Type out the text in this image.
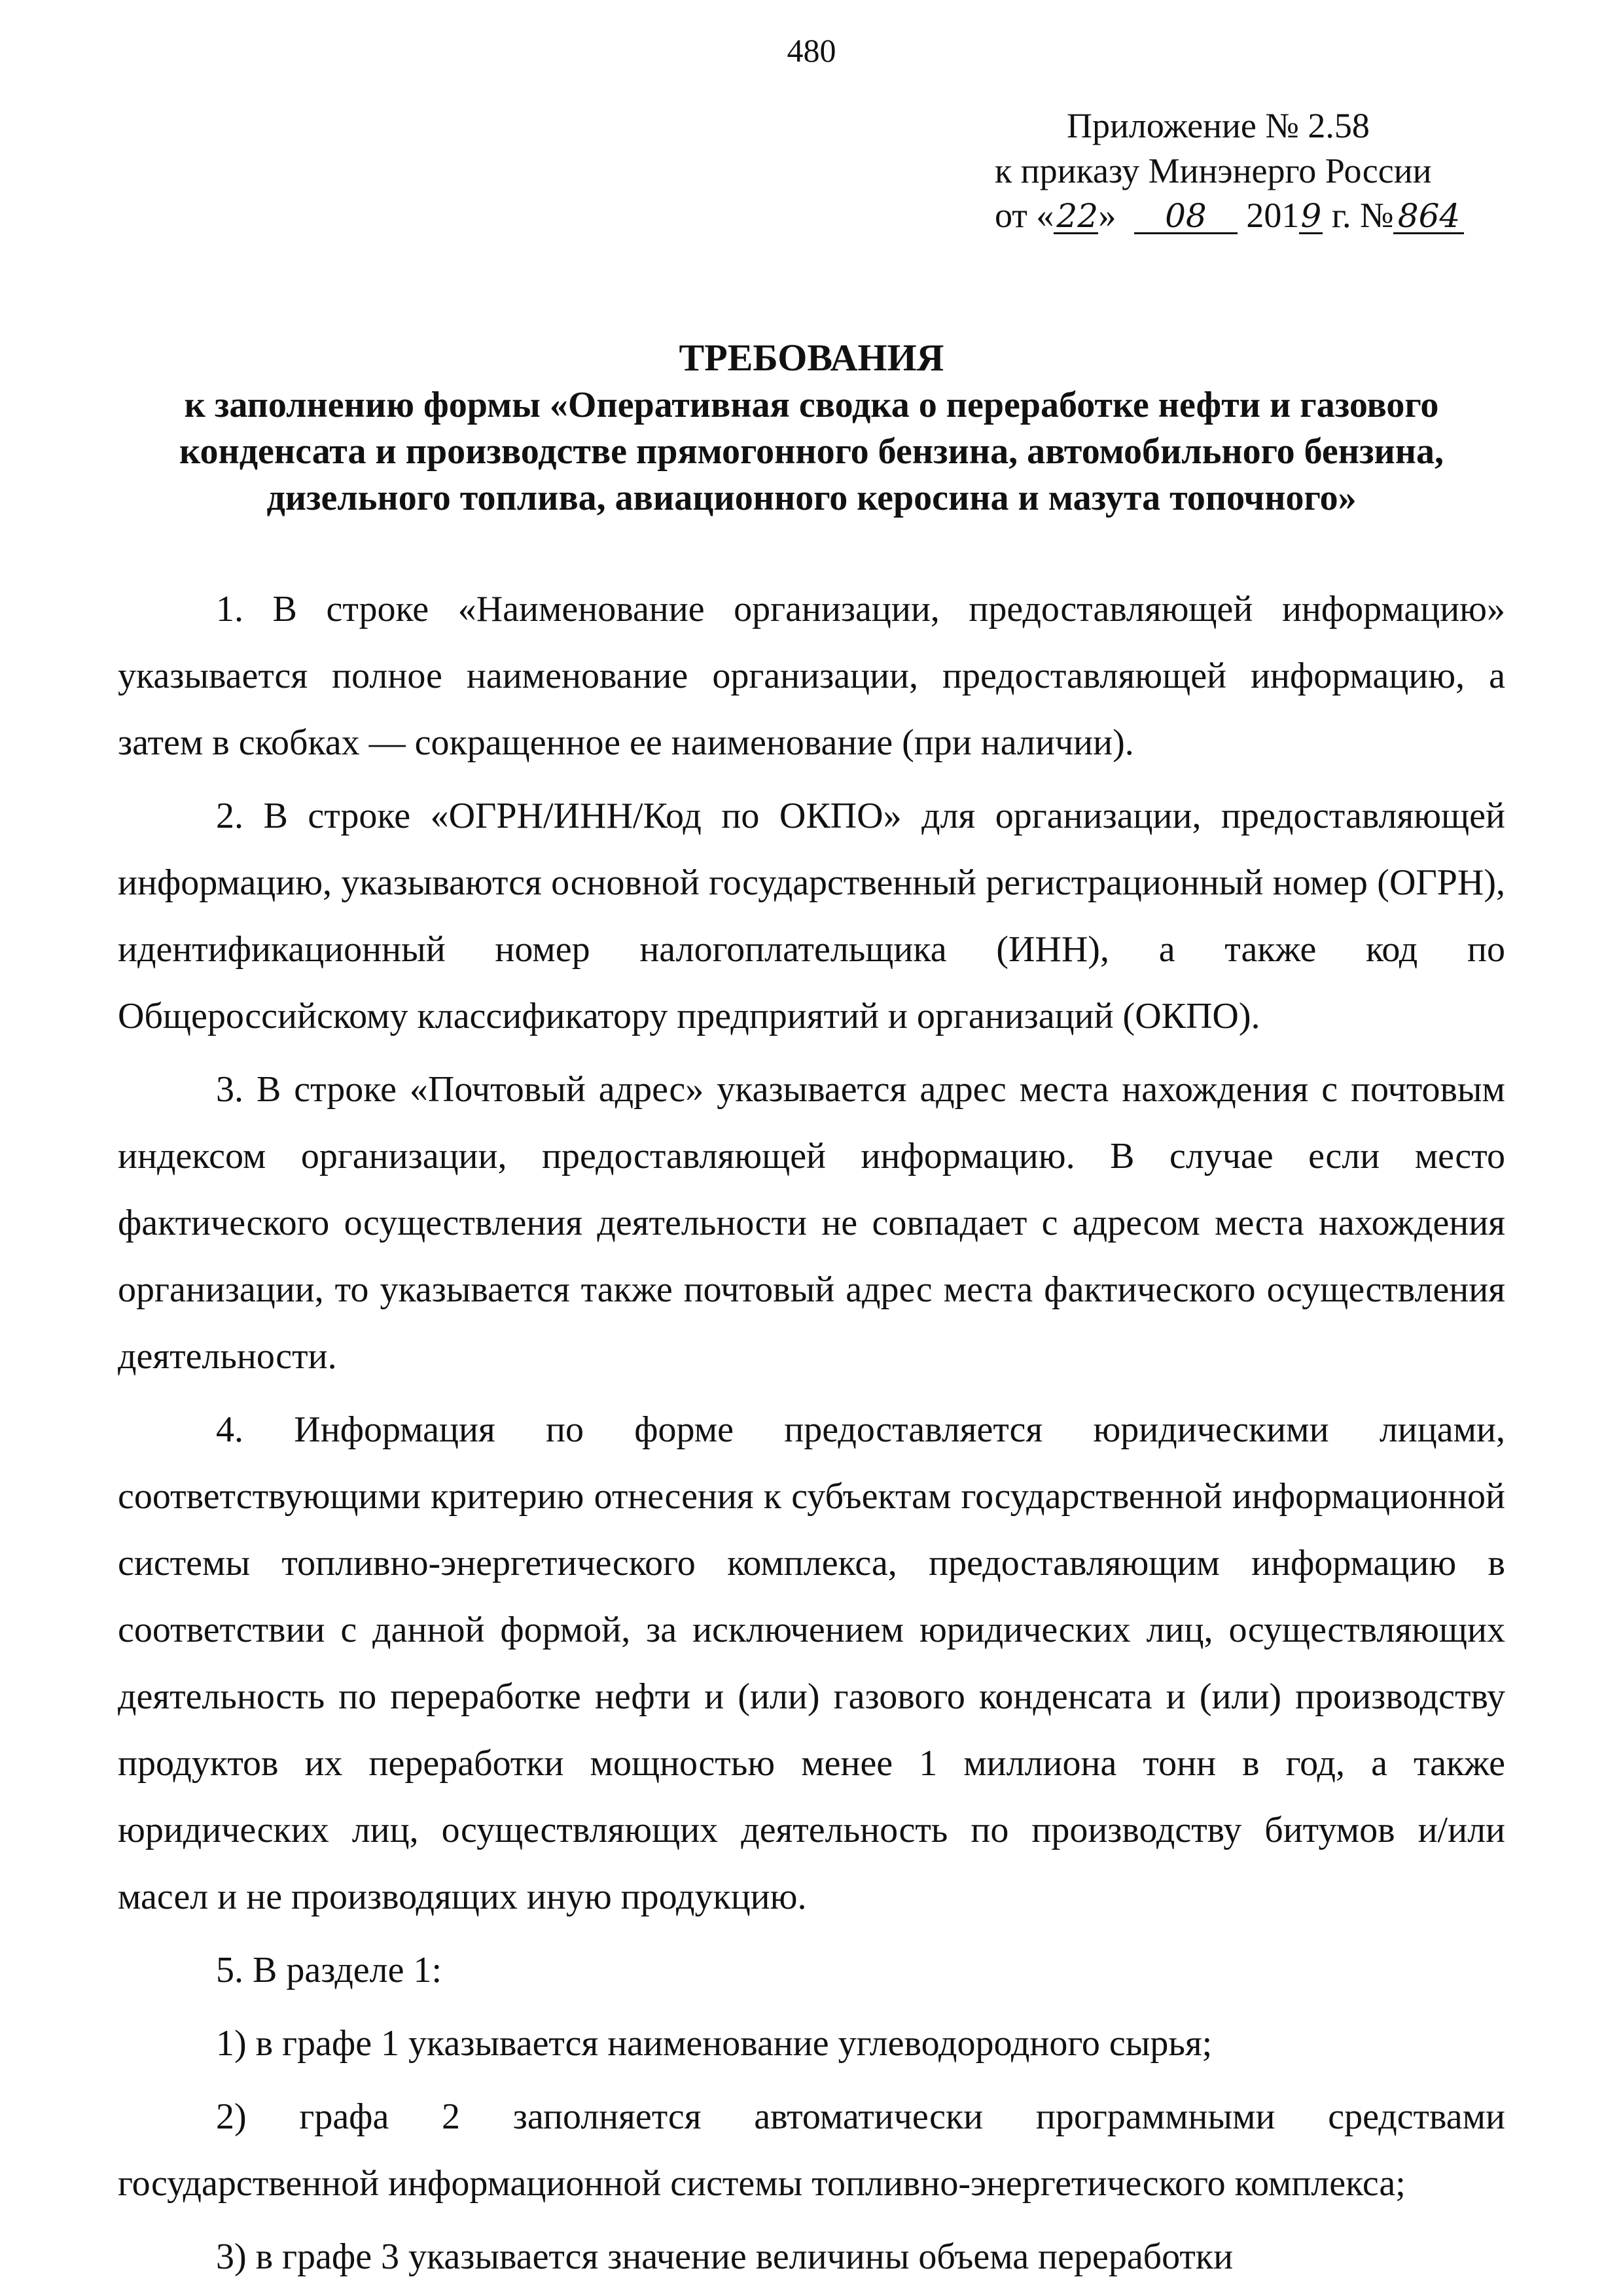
480
Приложение № 2.58
к приказу Минэнерго России
от «22» 08 2019 г. № 864
ТРЕБОВАНИЯ
к заполнению формы «Оперативная сводка о переработке нефти и газового
конденсата и производстве прямогонного бензина, автомобильного бензина,
дизельного топлива, авиационного керосина и мазута топочного»

1. В строке «Наименование организации, предоставляющей информацию» указывается полное наименование организации, предоставляющей информацию, а затем в скобках — сокращенное ее наименование (при наличии).

2. В строке «ОГРН/ИНН/Код по ОКПО» для организации, предоставляющей информацию, указываются основной государственный регистрационный номер (ОГРН), идентификационный номер налогоплательщика (ИНН), а также код по Общероссийскому классификатору предприятий и организаций (ОКПО).

3. В строке «Почтовый адрес» указывается адрес места нахождения с почтовым индексом организации, предоставляющей информацию. В случае если место фактического осуществления деятельности не совпадает с адресом места нахождения организации, то указывается также почтовый адрес места фактического осуществления деятельности.

4. Информация по форме предоставляется юридическими лицами, соответствующими критерию отнесения к субъектам государственной информационной системы топливно-энергетического комплекса, предоставляющим информацию в соответствии с данной формой, за исключением юридических лиц, осуществляющих деятельность по переработке нефти и (или) газового конденсата и (или) производству продуктов их переработки мощностью менее 1 миллиона тонн в год, а также юридических лиц, осуществляющих деятельность по производству битумов и/или масел и не производящих иную продукцию.

5. В разделе 1:

1) в графе 1 указывается наименование углеводородного сырья;

2) графа 2 заполняется автоматически программными средствами государственной информационной системы топливно-энергетического комплекса;

3) в графе 3 указывается значение величины объема переработки
